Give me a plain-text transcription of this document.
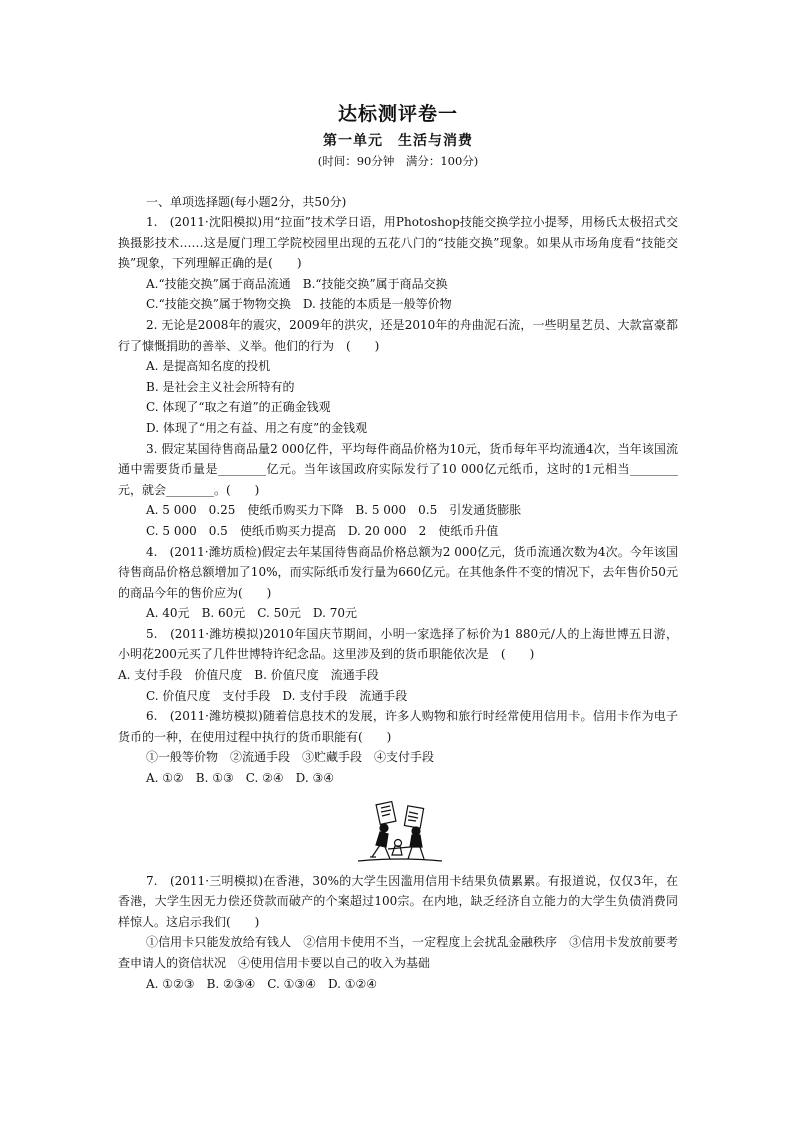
达标测评卷一
第一单元　生活与消费
(时间：90分钟　满分：100分)
一、单项选择题(每小题2分，共50分)

1.　(2011·沈阳模拟)用“拉面”技术学日语，用Photoshop技能交换学拉小提琴，用杨氏太极招式交换摄影技术……这是厦门理工学院校园里出现的五花八门的“技能交换”现象。如果从市场角度看“技能交换”现象，下列理解正确的是(　　)

A.“技能交换”属于商品流通　B.“技能交换”属于商品交换

C.“技能交换”属于物物交换　D. 技能的本质是一般等价物

2. 无论是2008年的震灾，2009年的洪灾，还是2010年的舟曲泥石流，一些明星艺员、大款富豪都行了慷慨捐助的善举、义举。他们的行为　(　　)

A. 是提高知名度的投机

B. 是社会主义社会所特有的

C. 体现了“取之有道”的正确金钱观

D. 体现了“用之有益、用之有度”的金钱观

3. 假定某国待售商品量2 000亿件，平均每件商品价格为10元，货币每年平均流通4次，当年该国流通中需要货币量是________亿元。当年该国政府实际发行了10 000亿元纸币，这时的1元相当________元，就会________。(　　)

A. 5 000　0.25　使纸币购买力下降　B. 5 000　0.5　引发通货膨胀

C. 5 000　0.5　使纸币购买力提高　D. 20 000　2　使纸币升值

4.　(2011·潍坊质检)假定去年某国待售商品价格总额为2 000亿元，货币流通次数为4次。今年该国待售商品价格总额增加了10%，而实际纸币发行量为660亿元。在其他条件不变的情况下，去年售价50元的商品今年的售价应为(　　)

A. 40元　B. 60元　C. 50元　D. 70元

5.　(2011·潍坊模拟)2010年国庆节期间，小明一家选择了标价为1 880元/人的上海世博五日游，小明花200元买了几件世博特许纪念品。这里涉及到的货币职能依次是　(　　)

A. 支付手段　价值尺度　B. 价值尺度　流通手段

C. 价值尺度　支付手段　D. 支付手段　流通手段

6.　(2011·潍坊模拟)随着信息技术的发展，许多人购物和旅行时经常使用信用卡。信用卡作为电子货币的一种，在使用过程中执行的货币职能有(　　)

①一般等价物　②流通手段　③贮藏手段　④支付手段

A. ①②　B. ①③　C. ②④　D. ③④

7.　(2011·三明模拟)在香港，30%的大学生因滥用信用卡结果负债累累。有报道说，仅仅3年，在香港，大学生因无力偿还贷款而破产的个案超过100宗。在内地，缺乏经济自立能力的大学生负债消费同样惊人。这启示我们(　　)

①信用卡只能发放给有钱人　②信用卡使用不当，一定程度上会扰乱金融秩序　③信用卡发放前要考查申请人的资信状况　④使用信用卡要以自己的收入为基础

A. ①②③　B. ②③④　C. ①③④　D. ①②④
